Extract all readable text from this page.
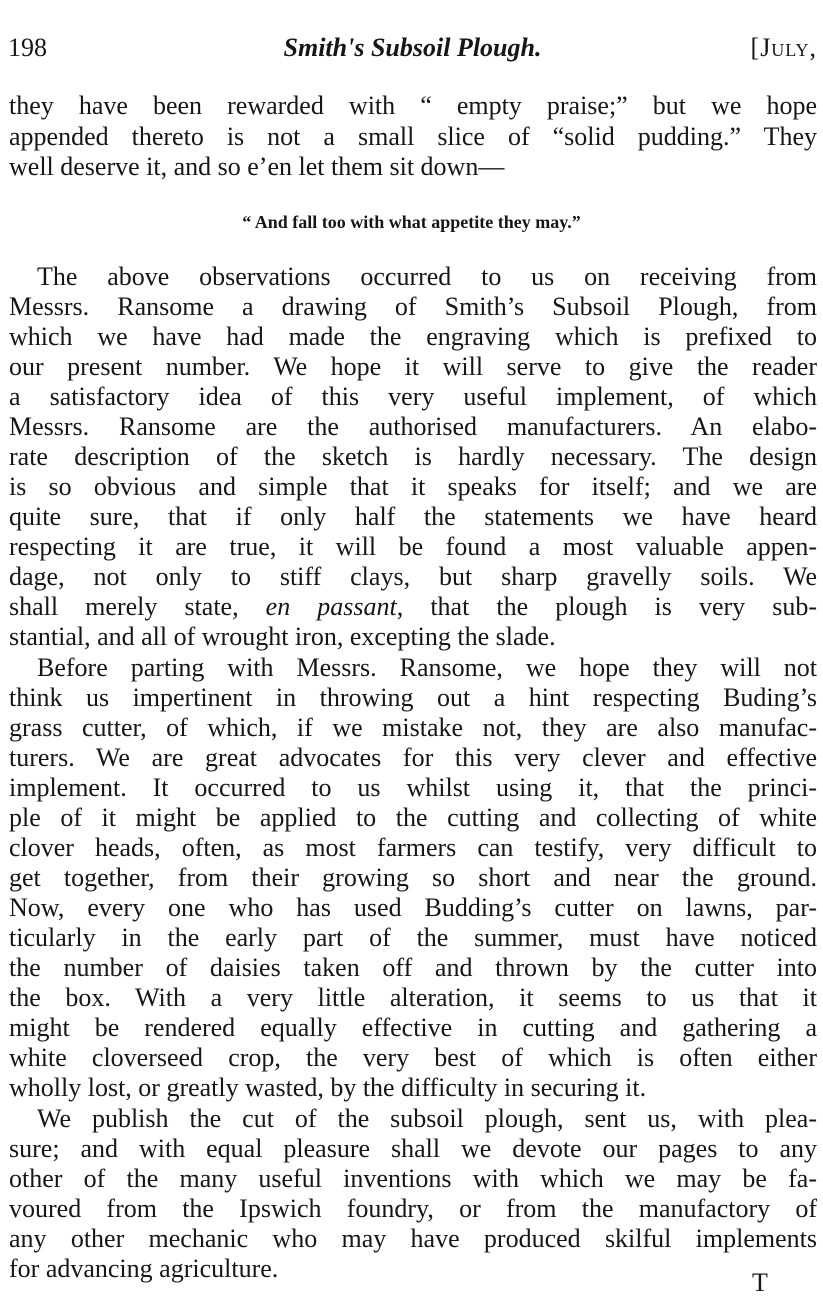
198	Smith's Subsoil Plough.	[July,
“ And fall too with what appetite they may.”
they have been rewarded with “ empty praise;” but we hope
appended thereto is not a small slice of “solid pudding.” They
well deserve it, and so e’en let them sit down—
The above observations occurred to us on receiving from
Messrs. Ransome a drawing of Smith’s Subsoil Plough, from
which we have had made the engraving which is prefixed to
our present number. We hope it will serve to give the reader
a satisfactory idea of this very useful implement, of which
Messrs. Ransome are the authorised manufacturers. An elabo-
rate description of the sketch is hardly necessary. The design
is so obvious and simple that it speaks for itself; and we are
quite sure, that if only half the statements we have heard
respecting it are true, it will be found a most valuable appen-
dage, not only to stiff clays, but sharp gravelly soils. We
shall merely state, en passant, that the plough is very sub-
stantial, and all of wrought iron, excepting the slade.
Before parting with Messrs. Ransome, we hope they will not
think us impertinent in throwing out a hint respecting Buding’s
grass cutter, of which, if we mistake not, they are also manufac-
turers. We are great advocates for this very clever and effective
implement. It occurred to us whilst using it, that the princi-
ple of it might be applied to the cutting and collecting of white
clover heads, often, as most farmers can testify, very difficult to
get together, from their growing so short and near the ground.
Now, every one who has used Budding’s cutter on lawns, par-
ticularly in the early part of the summer, must have noticed
the number of daisies taken off and thrown by the cutter into
the box. With a very little alteration, it seems to us that it
might be rendered equally effective in cutting and gathering a
white cloverseed crop, the very best of which is often either
wholly lost, or greatly wasted, by the difficulty in securing it.
We publish the cut of the subsoil plough, sent us, with plea-
sure; and with equal pleasure shall we devote our pages to any
other of the many useful inventions with which we may be fa-
voured from the Ipswich foundry, or from the manufactory of
any other mechanic who may have produced skilful implements
for advancing agriculture.	T
